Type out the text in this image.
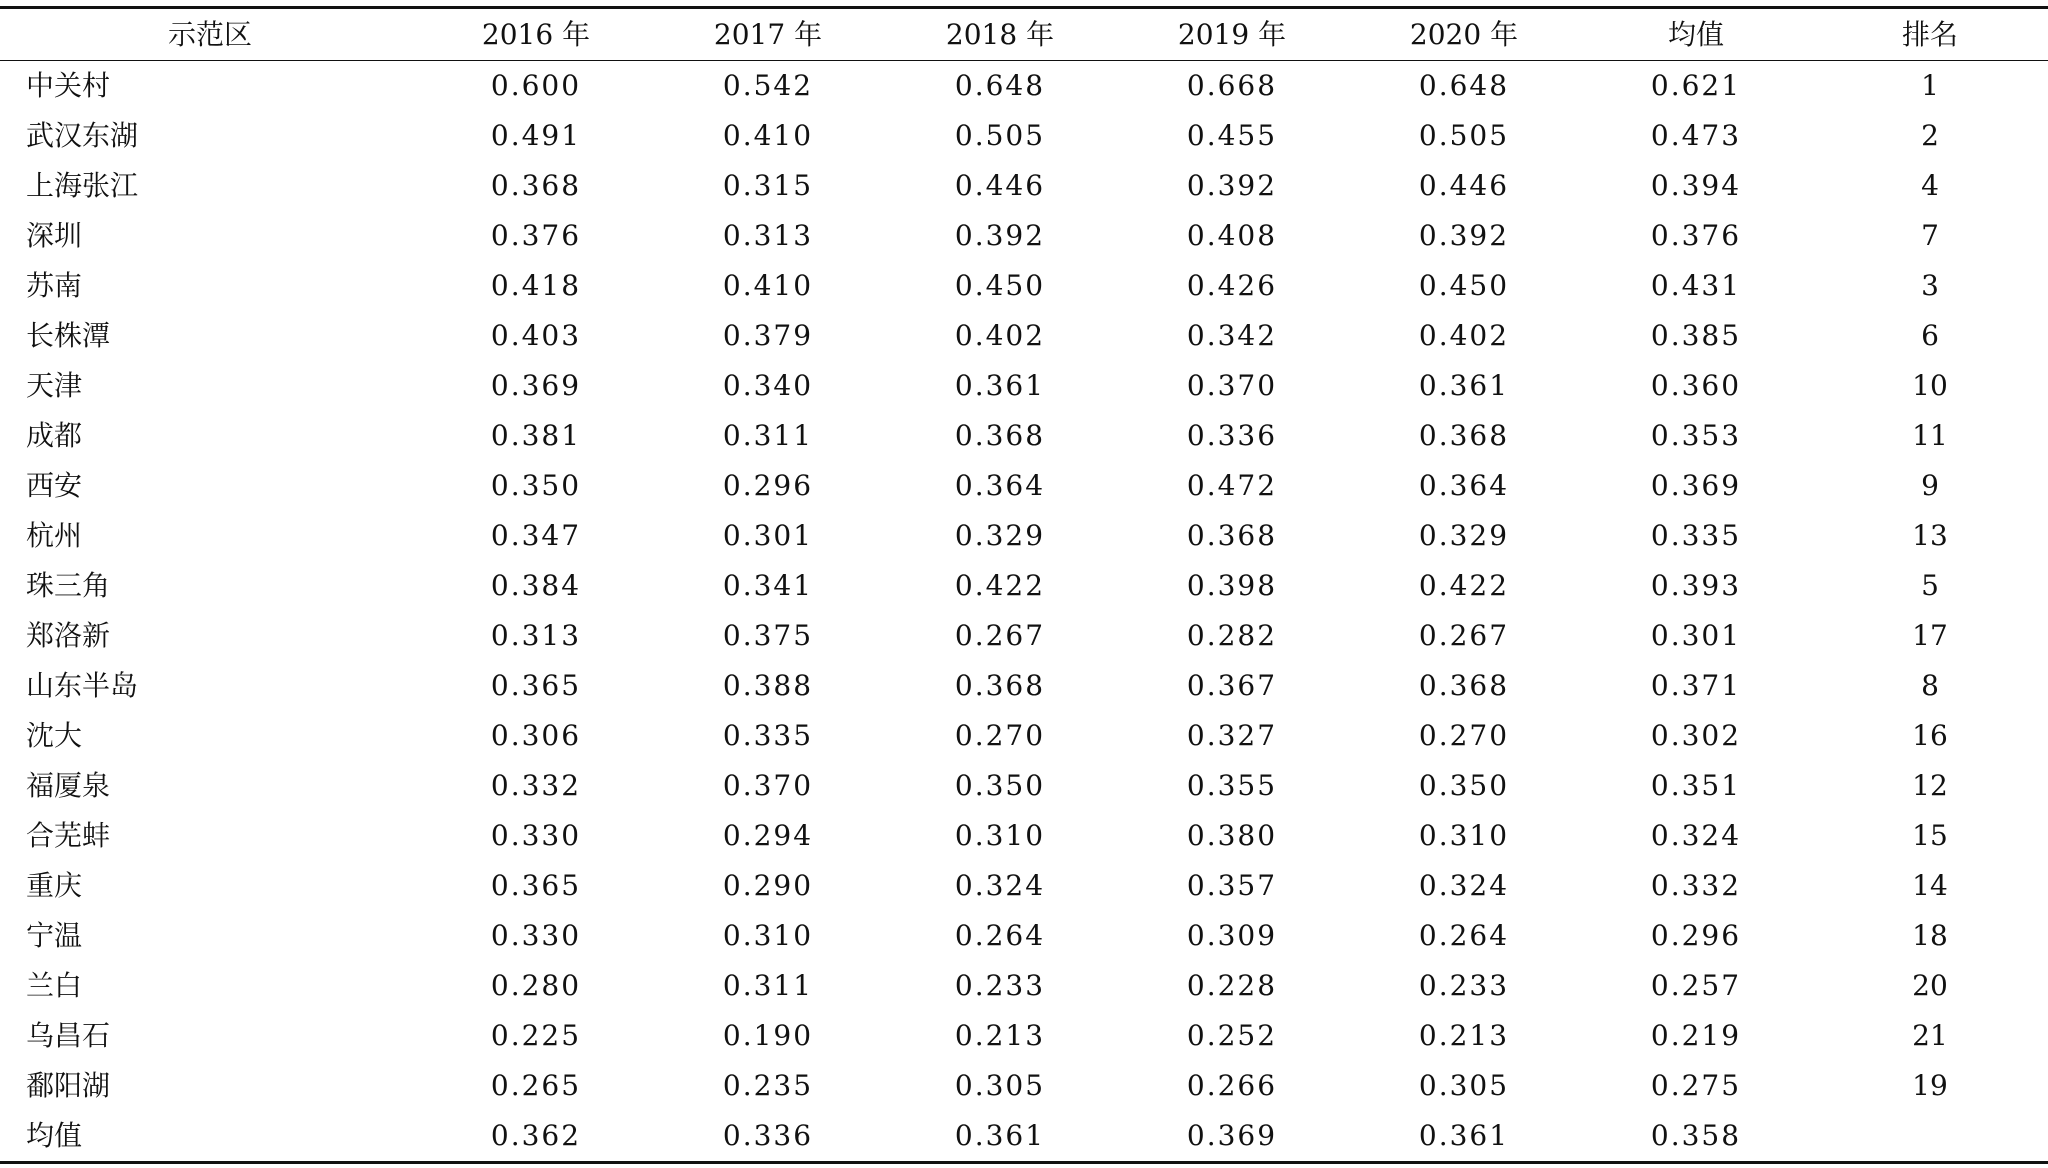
示范区	2016 年	2017 年	2018 年	2019 年	2020 年	均值	排名
中关村	0.600	0.542	0.648	0.668	0.648	0.621	1
武汉东湖	0.491	0.410	0.505	0.455	0.505	0.473	2
上海张江	0.368	0.315	0.446	0.392	0.446	0.394	4
深圳	0.376	0.313	0.392	0.408	0.392	0.376	7
苏南	0.418	0.410	0.450	0.426	0.450	0.431	3
长株潭	0.403	0.379	0.402	0.342	0.402	0.385	6
天津	0.369	0.340	0.361	0.370	0.361	0.360	10
成都	0.381	0.311	0.368	0.336	0.368	0.353	11
西安	0.350	0.296	0.364	0.472	0.364	0.369	9
杭州	0.347	0.301	0.329	0.368	0.329	0.335	13
珠三角	0.384	0.341	0.422	0.398	0.422	0.393	5
郑洛新	0.313	0.375	0.267	0.282	0.267	0.301	17
山东半岛	0.365	0.388	0.368	0.367	0.368	0.371	8
沈大	0.306	0.335	0.270	0.327	0.270	0.302	16
福厦泉	0.332	0.370	0.350	0.355	0.350	0.351	12
合芜蚌	0.330	0.294	0.310	0.380	0.310	0.324	15
重庆	0.365	0.290	0.324	0.357	0.324	0.332	14
宁温	0.330	0.310	0.264	0.309	0.264	0.296	18
兰白	0.280	0.311	0.233	0.228	0.233	0.257	20
乌昌石	0.225	0.190	0.213	0.252	0.213	0.219	21
鄱阳湖	0.265	0.235	0.305	0.266	0.305	0.275	19
均值	0.362	0.336	0.361	0.369	0.361	0.358	
